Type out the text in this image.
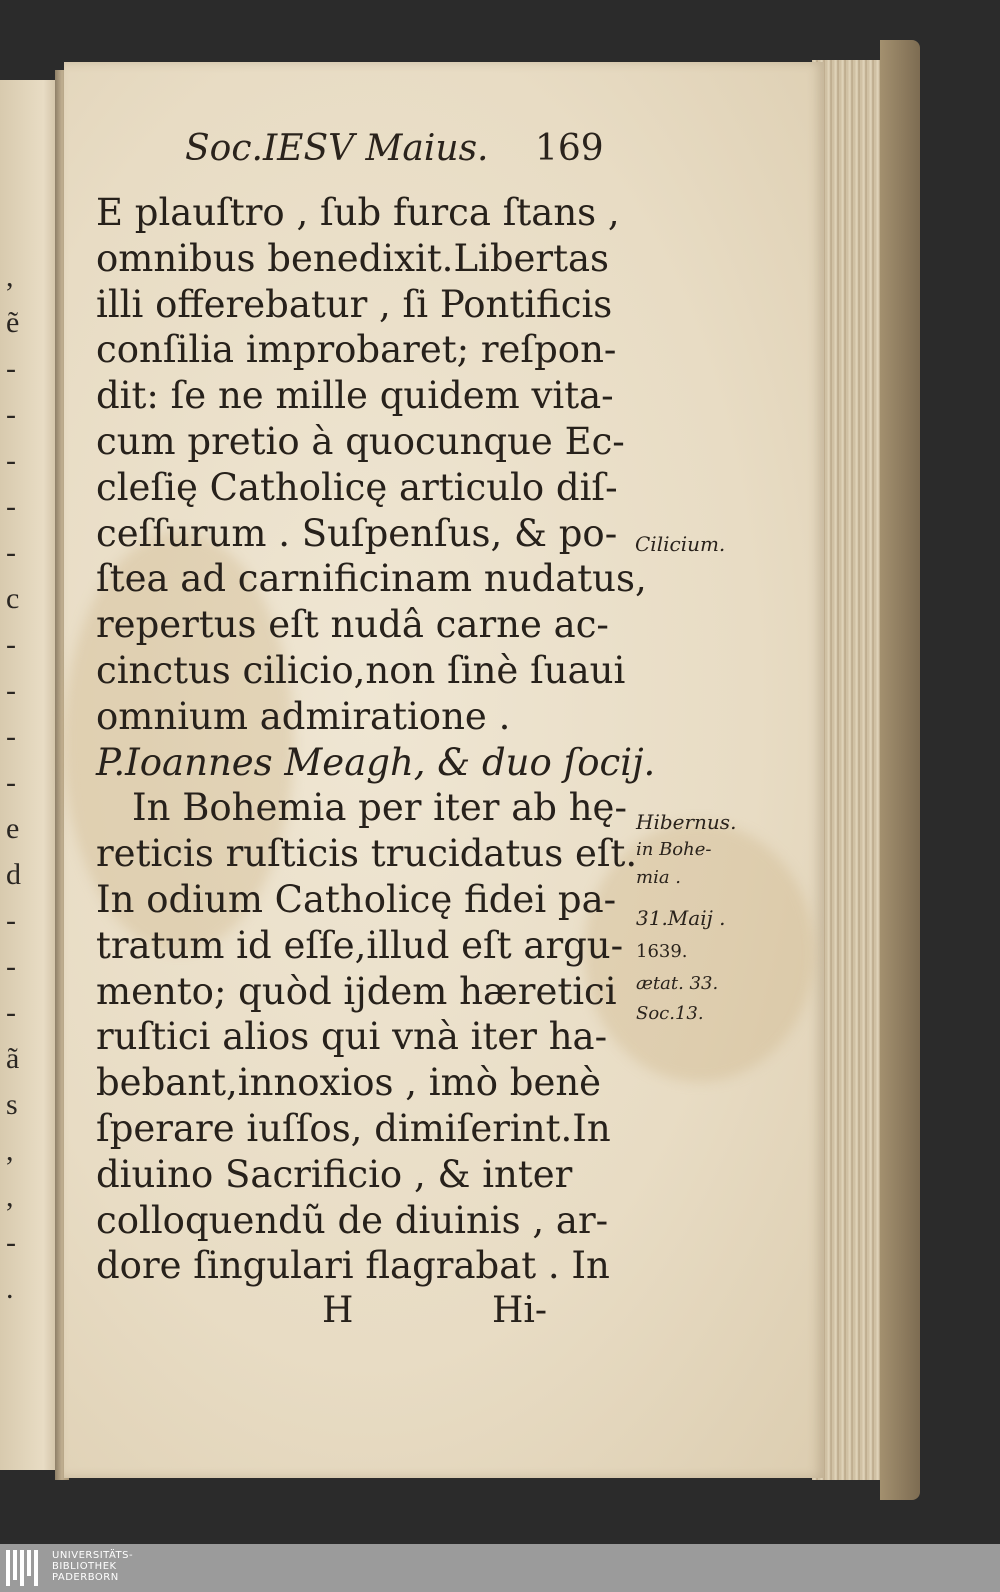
,
ẽ
-
-
-
-
-
c
-
-
-
-
e
d
-
-
-
ã
s
,
,
-
.
Soc.IESV Maius. 169
E plauſtro , ſub furca ſtans ,
omnibus benedixit.Libertas
illi offerebatur , ſi Pontificis
conſilia improbaret; reſpon-
dit: ſe ne mille quidem vita-
cum pretio à quocunque Ec-
cleſię Catholicę articulo diſ-
ceſſurum . Suſpenſus, & po-
ſtea ad carnificinam nudatus,
repertus eſt nudâ carne ac-
cinctus cilicio,non ſinè ſuaui
omnium admiratione .
P.Ioannes Meagh, & duo ſocij.
In Bohemia per iter ab hę-
reticis ruſticis trucidatus eſt.
In odium Catholicę fidei pa-
tratum id eſſe,illud eſt argu-
mento; quòd ijdem hæretici
ruſtici alios qui vnà iter ha-
bebant,innoxios , imò benè
ſperare iuſſos, dimiſerint.In
diuino Sacrificio , & inter
colloquendũ de diuinis , ar-
dore ſingulari flagrabat . In
Cilicium.
Hibernus.
in Bohe-
mia .
31.Maij .
1639.
ætat. 33.
Soc.13.
H	Hi-
UNIVERSITÄTS-
BIBLIOTHEK
PADERBORN
